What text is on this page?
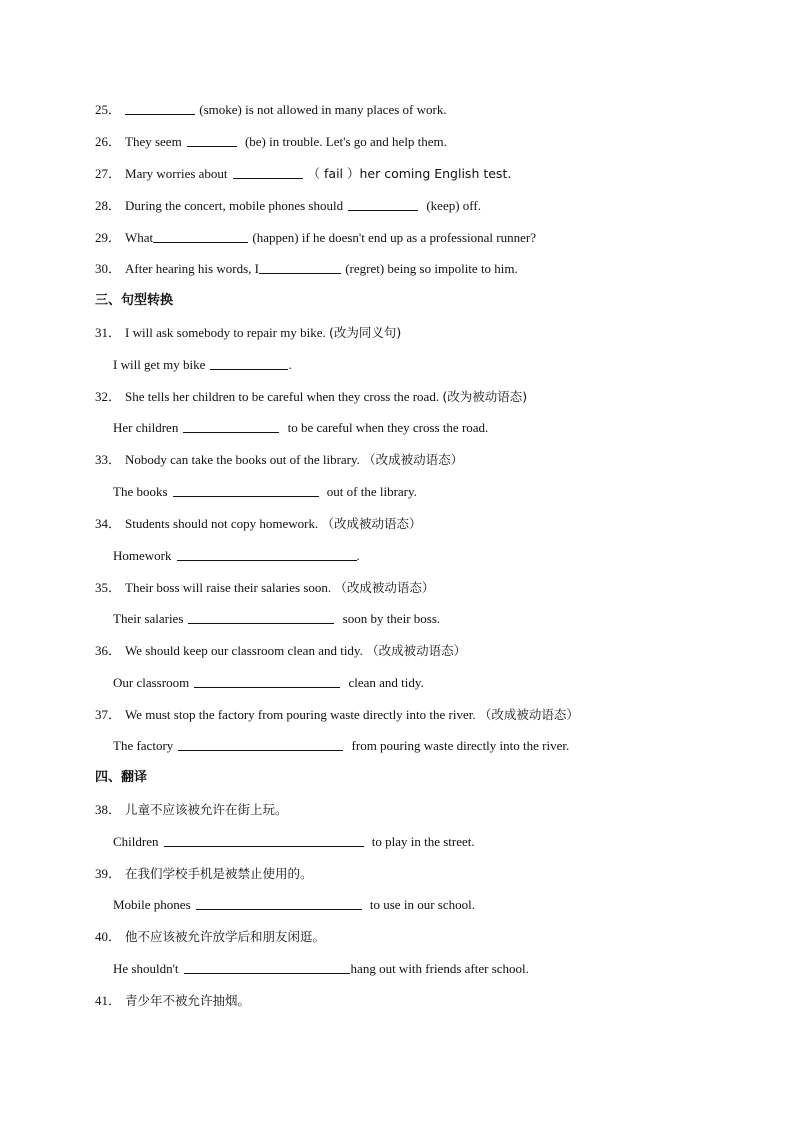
25．	(smoke) is not allowed in many places of work.
26． They seem	(be) in trouble. Let's go and help them.
27． Mary worries about	（ fail ）her coming English test.
28． During the concert, mobile phones should	(keep) off.
29． What	(happen) if he doesn't end up as a professional runner?
30． After hearing his words, I	(regret) being so impolite to him.
三、句型转换
31． I will ask somebody to repair my bike. (改为同义句)
I will get my bike	.
32． She tells her children to be careful when they cross the road. (改为被动语态)
Her children	to be careful when they cross the road.
33． Nobody can take the books out of the library. （改成被动语态）
The books	out of the library.
34． Students should not copy homework. （改成被动语态）
Homework	.
35． Their boss will raise their salaries soon. （改成被动语态）
Their salaries	soon by their boss.
36． We should keep our classroom clean and tidy. （改成被动语态）
Our classroom	clean and tidy.
37． We must stop the factory from pouring waste directly into the river. （改成被动语态）
The factory	from pouring waste directly into the river.
四、翻译
38． 儿童不应该被允许在街上玩。
Children	to play in the street.
39． 在我们学校手机是被禁止使用的。
Mobile phones	to use in our school.
40． 他不应该被允许放学后和朋友闲逛。
He shouldn't	hang out with friends after school.
41． 青少年不被允许抽烟。
